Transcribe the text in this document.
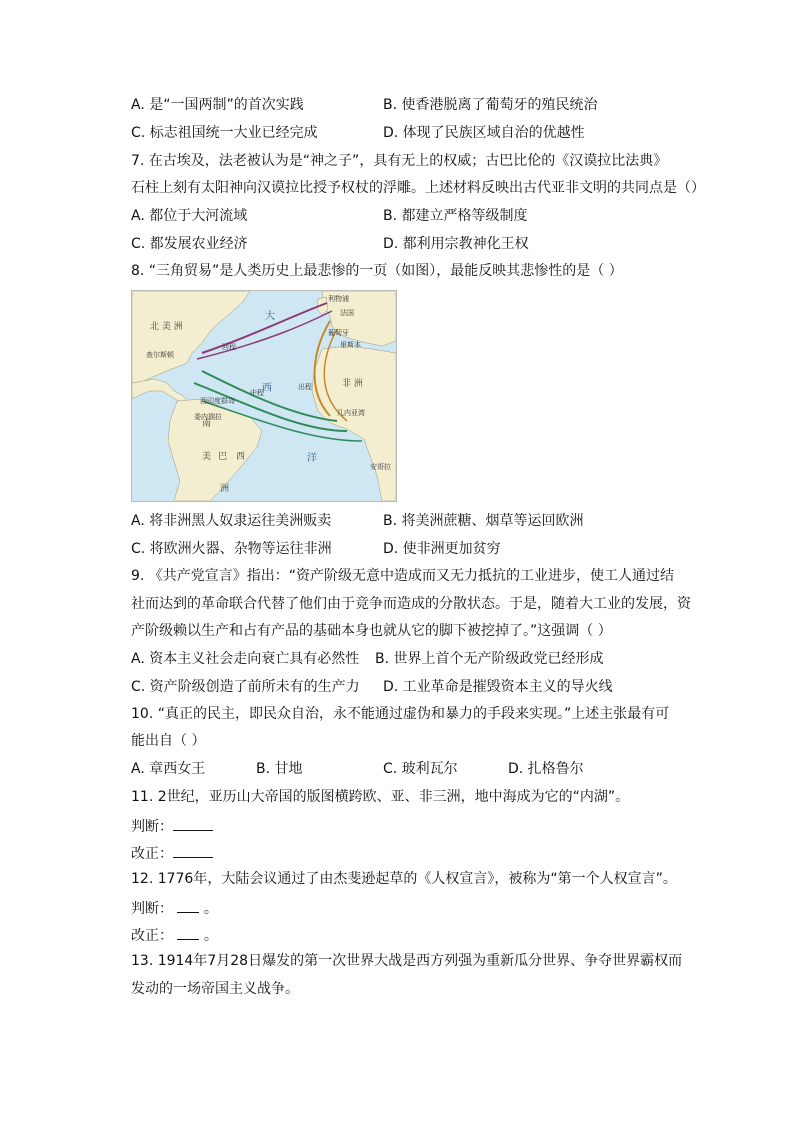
A. 是“一国两制”的首次实践	B. 使香港脱离了葡萄牙的殖民统治
C. 标志祖国统一大业已经完成	D. 体现了民族区域自治的优越性
7. 在古埃及，法老被认为是“神之子”，具有无上的权威；古巴比伦的《汉谟拉比法典》
石柱上刻有太阳神向汉谟拉比授予权杖的浮雕。上述材料反映出古代亚非文明的共同点是（）
A. 都位于大河流域	B. 都建立严格等级制度
C. 都发展农业经济	D. 都利用宗教神化王权
8. “三角贸易”是人类历史上最悲惨的一页（如图），最能反映其悲惨性的是（ ）
北 美 洲
大
西
洋
非 洲
南
美 巴 西
洲
利物浦
法国
葡萄牙
里斯本
查尔斯顿
西印度群岛
委内瑞拉
回程
中程
出程
几内亚湾
安哥拉
A. 将非洲黑人奴隶运往美洲贩卖	B. 将美洲蔗糖、烟草等运回欧洲
C. 将欧洲火器、杂物等运往非洲	D. 使非洲更加贫穷
9. 《共产党宣言》指出：“资产阶级无意中造成而又无力抵抗的工业进步，使工人通过结
社而达到的革命联合代替了他们由于竞争而造成的分散状态。于是，随着大工业的发展，资
产阶级赖以生产和占有产品的基础本身也就从它的脚下被挖掉了。”这强调（ ）
A. 资本主义社会走向衰亡具有必然性 B. 世界上首个无产阶级政党已经形成
C. 资产阶级创造了前所未有的生产力 D. 工业革命是摧毁资本主义的导火线
10. “真正的民主，即民众自治，永不能通过虚伪和暴力的手段来实现。”上述主张最有可
能出自（ ）
A. 章西女王	B. 甘地	C. 玻利瓦尔	D. 扎格鲁尔
11. 2世纪，亚历山大帝国的版图横跨欧、亚、非三洲，地中海成为它的“内湖”。
判断：
改正：
12. 1776年，大陆会议通过了由杰斐逊起草的《人权宣言》，被称为“第一个人权宣言”。
判断： 。
改正： 。
13. 1914年7月28日爆发的第一次世界大战是西方列强为重新瓜分世界、争夺世界霸权而
发动的一场帝国主义战争。
